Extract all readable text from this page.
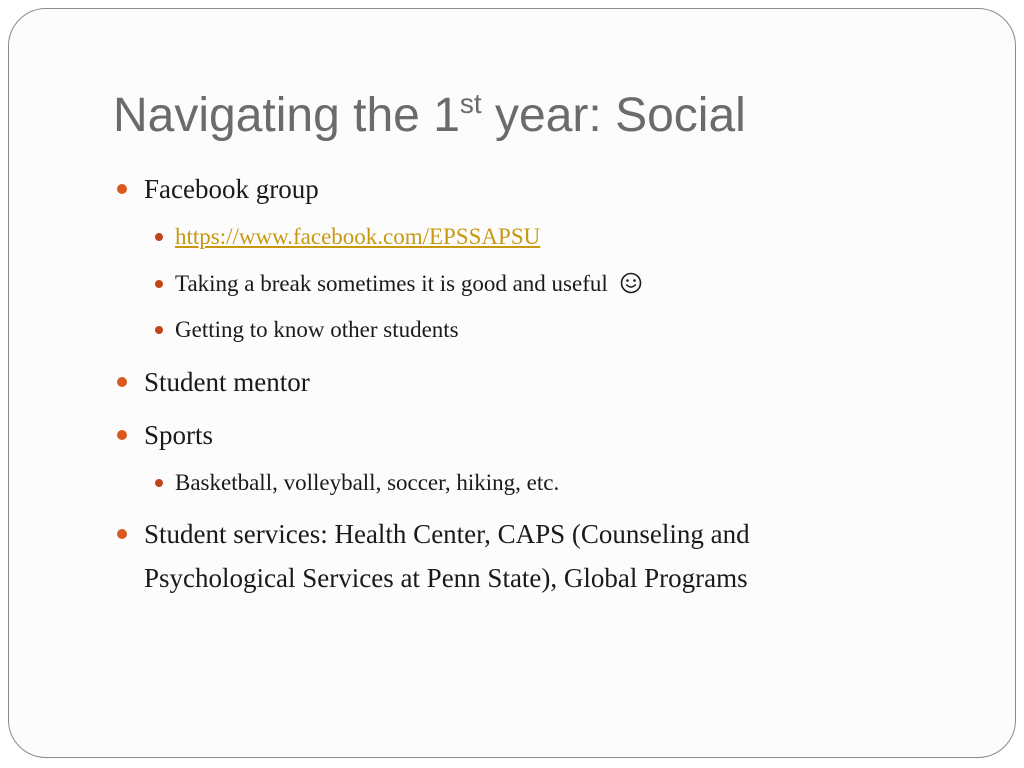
Navigating the 1st year: Social
Facebook group
https://www.facebook.com/EPSSAPSU
Taking a break sometimes it is good and useful
Getting to know other students
Student mentor
Sports
Basketball, volleyball, soccer, hiking, etc.
Student services: Health Center, CAPS (Counseling and
Psychological Services at Penn State), Global Programs
